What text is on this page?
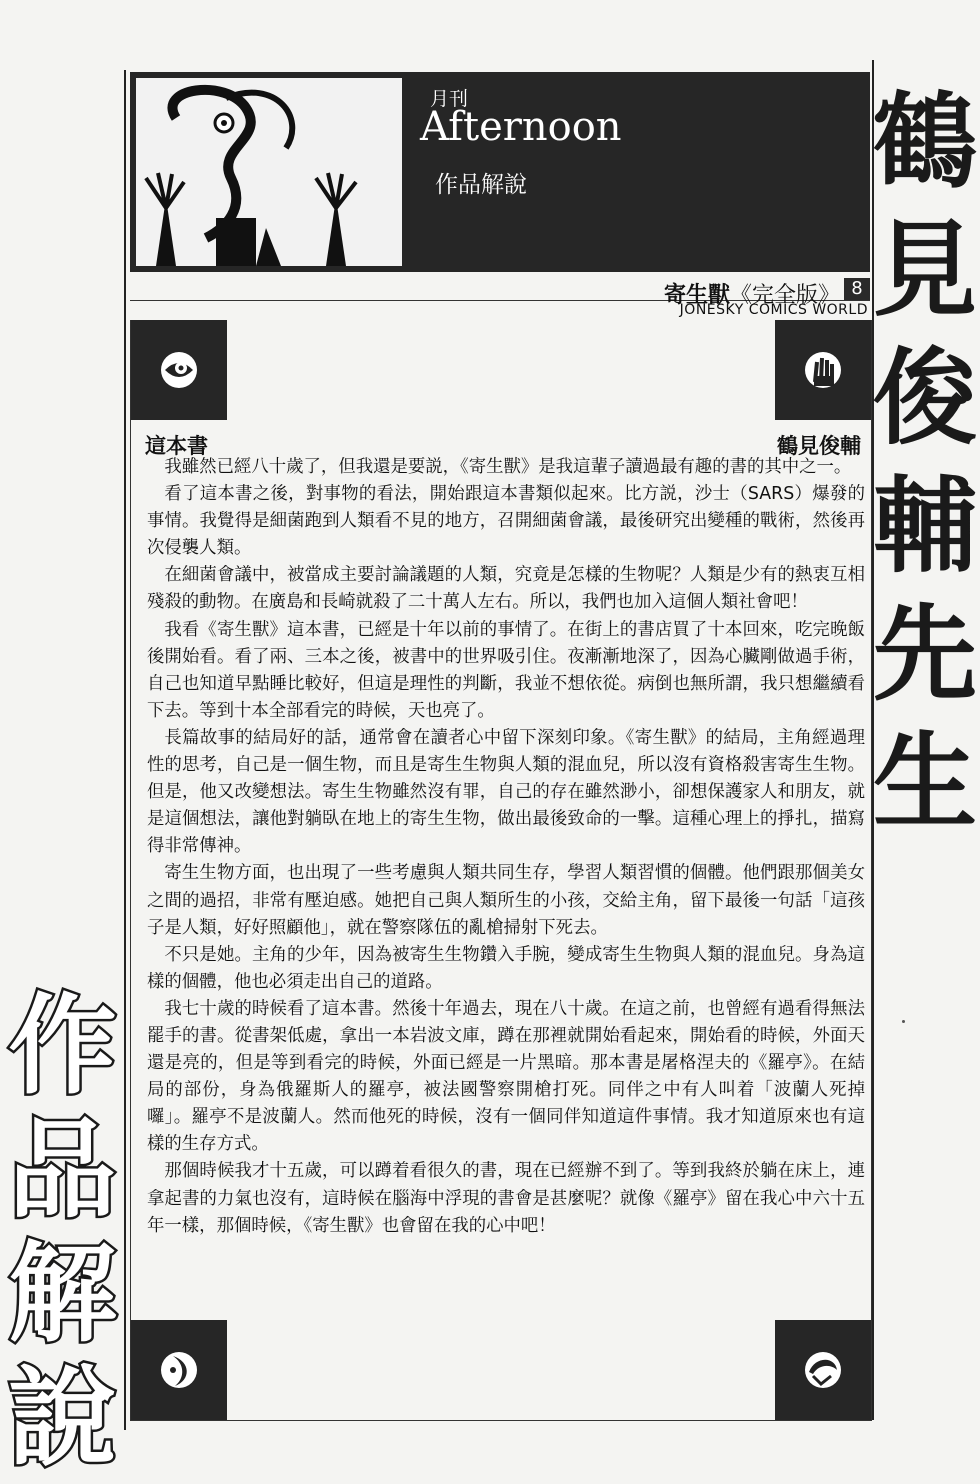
鶴
見
俊
輔
先
生
作
品
解
說
月刊
Afternoon
作品解說
寄生獸《完全版》 8
JONESKY COMICS WORLD
這本書	鶴見俊輔

我雖然已經八十歲了，但我還是要説，《寄生獸》是我這輩子讀過最有趣的書的其中之一。

看了這本書之後，對事物的看法，開始跟這本書類似起來。比方説，沙士（SARS）爆發的事情。我覺得是細菌跑到人類看不見的地方，召開細菌會議，最後研究出變種的戰術，然後再次侵襲人類。

在細菌會議中，被當成主要討論議題的人類，究竟是怎樣的生物呢？人類是少有的熱衷互相殘殺的動物。在廣島和長崎就殺了二十萬人左右。所以，我們也加入這個人類社會吧！

我看《寄生獸》這本書，已經是十年以前的事情了。在街上的書店買了十本回來，吃完晚飯後開始看。看了兩、三本之後，被書中的世界吸引住。夜漸漸地深了，因為心臟剛做過手術，自己也知道早點睡比較好，但這是理性的判斷，我並不想依從。病倒也無所謂，我只想繼續看下去。等到十本全部看完的時候，天也亮了。

長篇故事的結局好的話，通常會在讀者心中留下深刻印象。《寄生獸》的結局，主角經過理性的思考，自己是一個生物，而且是寄生生物與人類的混血兒，所以沒有資格殺害寄生生物。但是，他又改變想法。寄生生物雖然沒有罪，自己的存在雖然渺小，卻想保護家人和朋友，就是這個想法，讓他對躺臥在地上的寄生生物，做出最後致命的一擊。這種心理上的掙扎，描寫得非常傳神。

寄生生物方面，也出現了一些考慮與人類共同生存，學習人類習慣的個體。他們跟那個美女之間的過招，非常有壓迫感。她把自己與人類所生的小孩，交給主角，留下最後一句話「這孩子是人類，好好照顧他」，就在警察隊伍的亂槍掃射下死去。

不只是她。主角的少年，因為被寄生生物鑽入手腕，變成寄生生物與人類的混血兒。身為這樣的個體，他也必須走出自己的道路。

我七十歲的時候看了這本書。然後十年過去，現在八十歲。在這之前，也曾經有過看得無法罷手的書。從書架低處，拿出一本岩波文庫，蹲在那裡就開始看起來，開始看的時候，外面天還是亮的，但是等到看完的時候，外面已經是一片黑暗。那本書是屠格涅夫的《羅亭》。在結局的部份，身為俄羅斯人的羅亭，被法國警察開槍打死。同伴之中有人叫着「波蘭人死掉囉」。羅亭不是波蘭人。然而他死的時候，沒有一個同伴知道這件事情。我才知道原來也有這樣的生存方式。

那個時候我才十五歲，可以蹲着看很久的書，現在已經辦不到了。等到我終於躺在床上，連拿起書的力氣也沒有，這時候在腦海中浮現的書會是甚麼呢？就像《羅亭》留在我心中六十五年一樣，那個時候，《寄生獸》也會留在我的心中吧！
